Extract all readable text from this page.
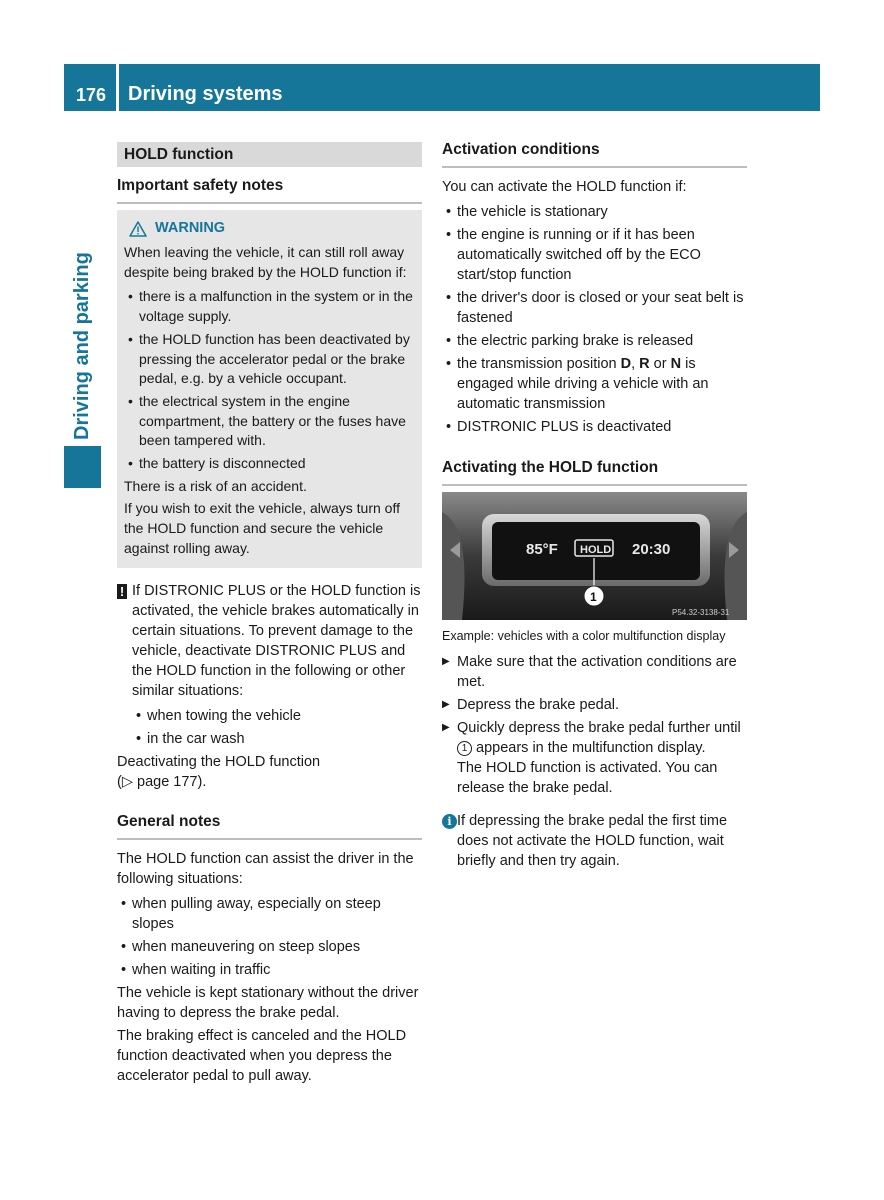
176 Driving systems
Driving and parking
HOLD function
Important safety notes
WARNING

When leaving the vehicle, it can still roll away despite being braked by the HOLD function if:

• there is a malfunction in the system or in the voltage supply.
• the HOLD function has been deactivated by pressing the accelerator pedal or the brake pedal, e.g. by a vehicle occupant.
• the electrical system in the engine compartment, the battery or the fuses have been tampered with.
• the battery is disconnected

There is a risk of an accident.

If you wish to exit the vehicle, always turn off the HOLD function and secure the vehicle against rolling away.

! If DISTRONIC PLUS or the HOLD function is activated, the vehicle brakes automatically in certain situations. To prevent damage to the vehicle, deactivate DISTRONIC PLUS and the HOLD function in the following or other similar situations:

• when towing the vehicle
• in the car wash

Deactivating the HOLD function

(▷ page 177).

General notes

The HOLD function can assist the driver in the following situations:

• when pulling away, especially on steep slopes
• when maneuvering on steep slopes
• when waiting in traffic

The vehicle is kept stationary without the driver having to depress the brake pedal.

The braking effect is canceled and the HOLD function deactivated when you depress the accelerator pedal to pull away.

Activation conditions

You can activate the HOLD function if:

• the vehicle is stationary
• the engine is running or if it has been automatically switched off by the ECO start/stop function
• the driver's door is closed or your seat belt is fastened
• the electric parking brake is released
• the transmission position D, R or N is engaged while driving a vehicle with an automatic transmission
• DISTRONIC PLUS is deactivated
Activating the HOLD function
85°F HOLD 20:30
1
P54.32-3138-31

Example: vehicles with a color multifunction display

▶ Make sure that the activation conditions are met.
▶ Depress the brake pedal.
▶ Quickly depress the brake pedal further until 1 appears in the multifunction display.
The HOLD function is activated. You can release the brake pedal.
i If depressing the brake pedal the first time does not activate the HOLD function, wait briefly and then try again.
